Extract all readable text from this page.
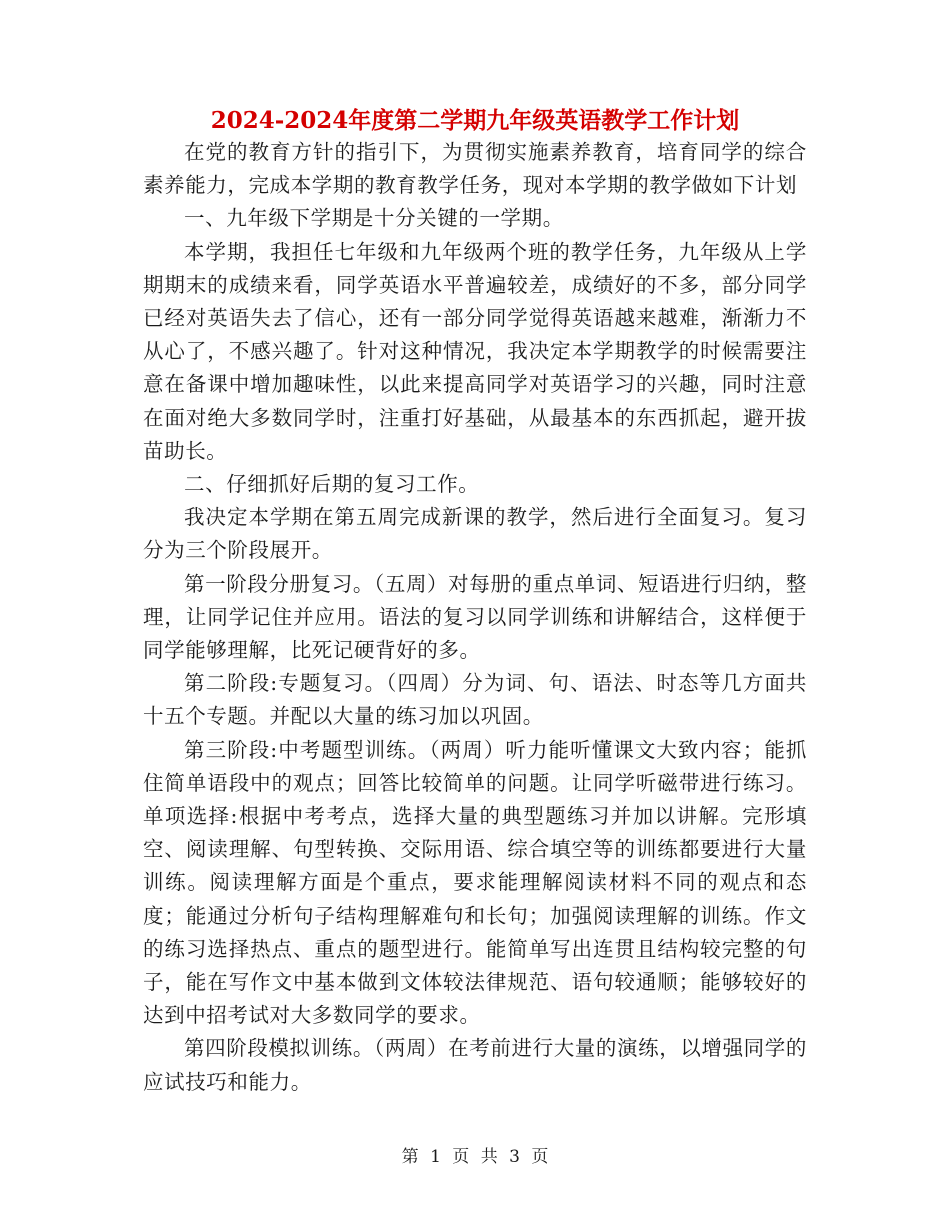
2024-2024年度第二学期九年级英语教学工作计划

在党的教育方针的指引下，为贯彻实施素养教育，培育同学的综合素养能力，完成本学期的教育教学任务，现对本学期的教学做如下计划

一、九年级下学期是十分关键的一学期。

本学期，我担任七年级和九年级两个班的教学任务，九年级从上学期期末的成绩来看，同学英语水平普遍较差，成绩好的不多，部分同学已经对英语失去了信心，还有一部分同学觉得英语越来越难，渐渐力不从心了，不感兴趣了。针对这种情况，我决定本学期教学的时候需要注意在备课中增加趣味性，以此来提高同学对英语学习的兴趣，同时注意在面对绝大多数同学时，注重打好基础，从最基本的东西抓起，避开拔苗助长。

二、仔细抓好后期的复习工作。

我决定本学期在第五周完成新课的教学，然后进行全面复习。复习分为三个阶段展开。

第一阶段分册复习。（五周）对每册的重点单词、短语进行归纳，整理，让同学记住并应用。语法的复习以同学训练和讲解结合，这样便于同学能够理解，比死记硬背好的多。

第二阶段:专题复习。（四周）分为词、句、语法、时态等几方面共十五个专题。并配以大量的练习加以巩固。

第三阶段:中考题型训练。（两周）听力能听懂课文大致内容；能抓住简单语段中的观点；回答比较简单的问题。让同学听磁带进行练习。单项选择:根据中考考点，选择大量的典型题练习并加以讲解。完形填空、阅读理解、句型转换、交际用语、综合填空等的训练都要进行大量训练。阅读理解方面是个重点，要求能理解阅读材料不同的观点和态度；能通过分析句子结构理解难句和长句；加强阅读理解的训练。作文的练习选择热点、重点的题型进行。能简单写出连贯且结构较完整的句子，能在写作文中基本做到文体较法律规范、语句较通顺；能够较好的达到中招考试对大多数同学的要求。

第四阶段模拟训练。（两周）在考前进行大量的演练，以增强同学的应试技巧和能力。

第 1 页 共 3 页
